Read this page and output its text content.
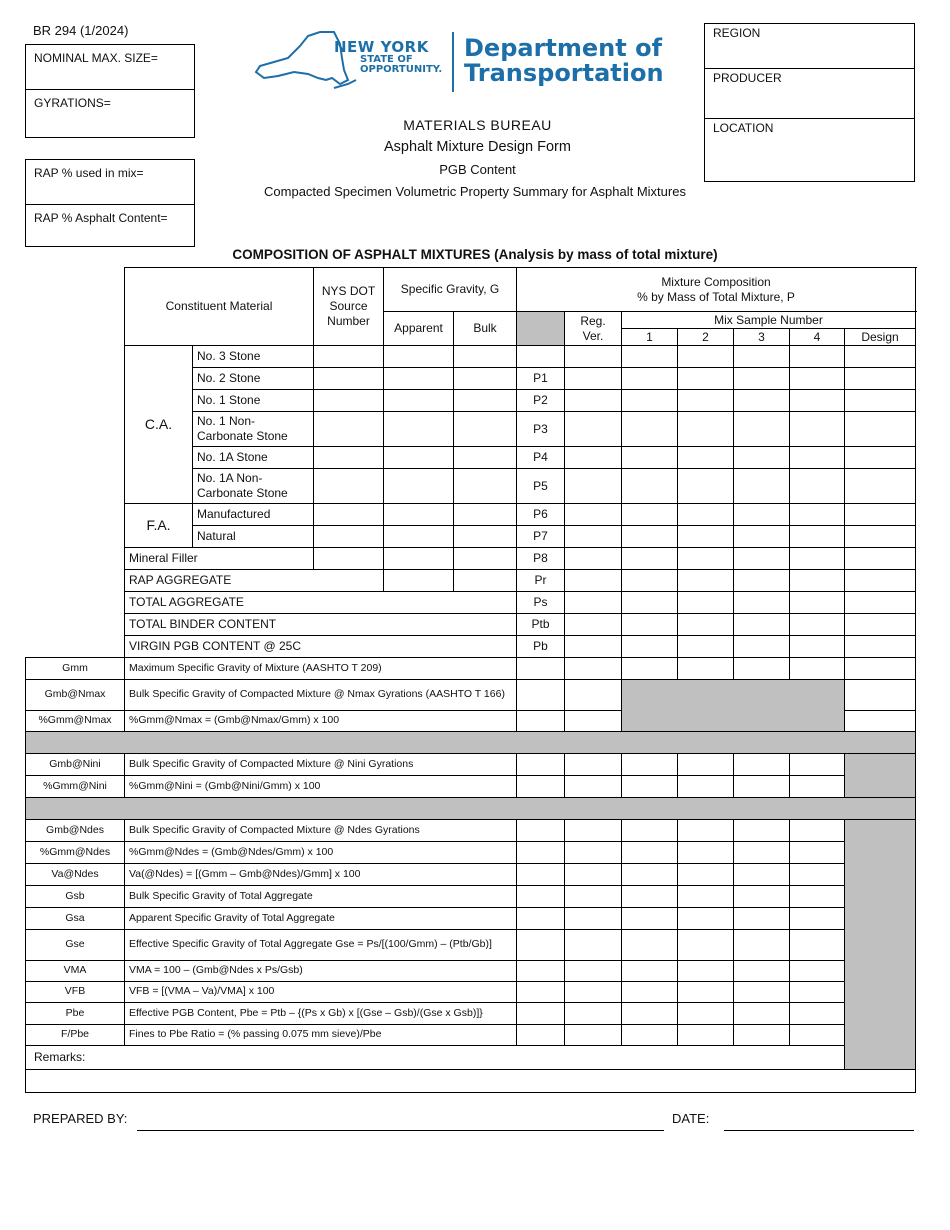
BR 294 (1/2024)
NOMINAL MAX. SIZE=
GYRATIONS=
RAP % used in mix=
RAP % Asphalt Content=
NEW YORK
STATE OF
OPPORTUNITY.
Department of
Transportation
REGION
PRODUCER
LOCATION
MATERIALS BUREAU
Asphalt Mixture Design Form
PGB Content
Compacted Specimen Volumetric Property Summary for Asphalt Mixtures
COMPOSITION OF ASPHALT MIXTURES (Analysis by mass of total mixture)
	Constituent Material		NYS DOT Source Number	Specific Gravity, G		Mixture Composition
% by Mass of Total Mixture, P						

				Apparent	Bulk		Reg. Ver.	Mix Sample Number				
								1	2	3	4	Design
	C.A.	No. 3 Stone										
		No. 2 Stone				P1						
		No. 1 Stone				P2						
		No. 1 Non-Carbonate Stone				P3						
		No. 1A Stone				P4						
		No. 1A Non-Carbonate Stone				P5						
	F.A.	Manufactured				P6						
		Natural				P7						
	Mineral Filler					P8						
	RAP AGGREGATE					Pr						
	TOTAL AGGREGATE					Ps						
	TOTAL BINDER CONTENT					Ptb						
	VIRGIN PGB CONTENT @ 25C					Pb						
Gmm	Maximum Specific Gravity of Mixture (AASHTO T 209)											
Gmb@Nmax	Bulk Specific Gravity of Compacted Mixture @ Nmax Gyrations (AASHTO T 166)											
%Gmm@Nmax	%Gmm@Nmax = (Gmb@Nmax/Gmm) x 100											

Gmb@Nini	Bulk Specific Gravity of Compacted Mixture @ Nini Gyrations											
%Gmm@Nini	%Gmm@Nini = (Gmb@Nini/Gmm) x 100											

Gmb@Ndes	Bulk Specific Gravity of Compacted Mixture @ Ndes Gyrations											
%Gmm@Ndes	%Gmm@Ndes = (Gmb@Ndes/Gmm) x 100											
Va@Ndes	Va(@Ndes) = [(Gmm – Gmb@Ndes)/Gmm] x 100											
Gsb	Bulk Specific Gravity of Total Aggregate											
Gsa	Apparent Specific Gravity of Total Aggregate											
Gse	Effective Specific Gravity of Total Aggregate Gse = Ps/[(100/Gmm) – (Ptb/Gb)]											
VMA	VMA = 100 – (Gmb@Ndes x Ps/Gsb)											
VFB	VFB = [(VMA – Va)/VMA] x 100											
Pbe	Effective PGB Content, Pbe = Ptb – {(Ps x Gb) x [(Gse – Gsb)/(Gse x Gsb)]}											
F/Pbe	Fines to Pbe Ratio = (% passing 0.075 mm sieve)/Pbe											
Remarks:												

PREPARED BY:	DATE:
